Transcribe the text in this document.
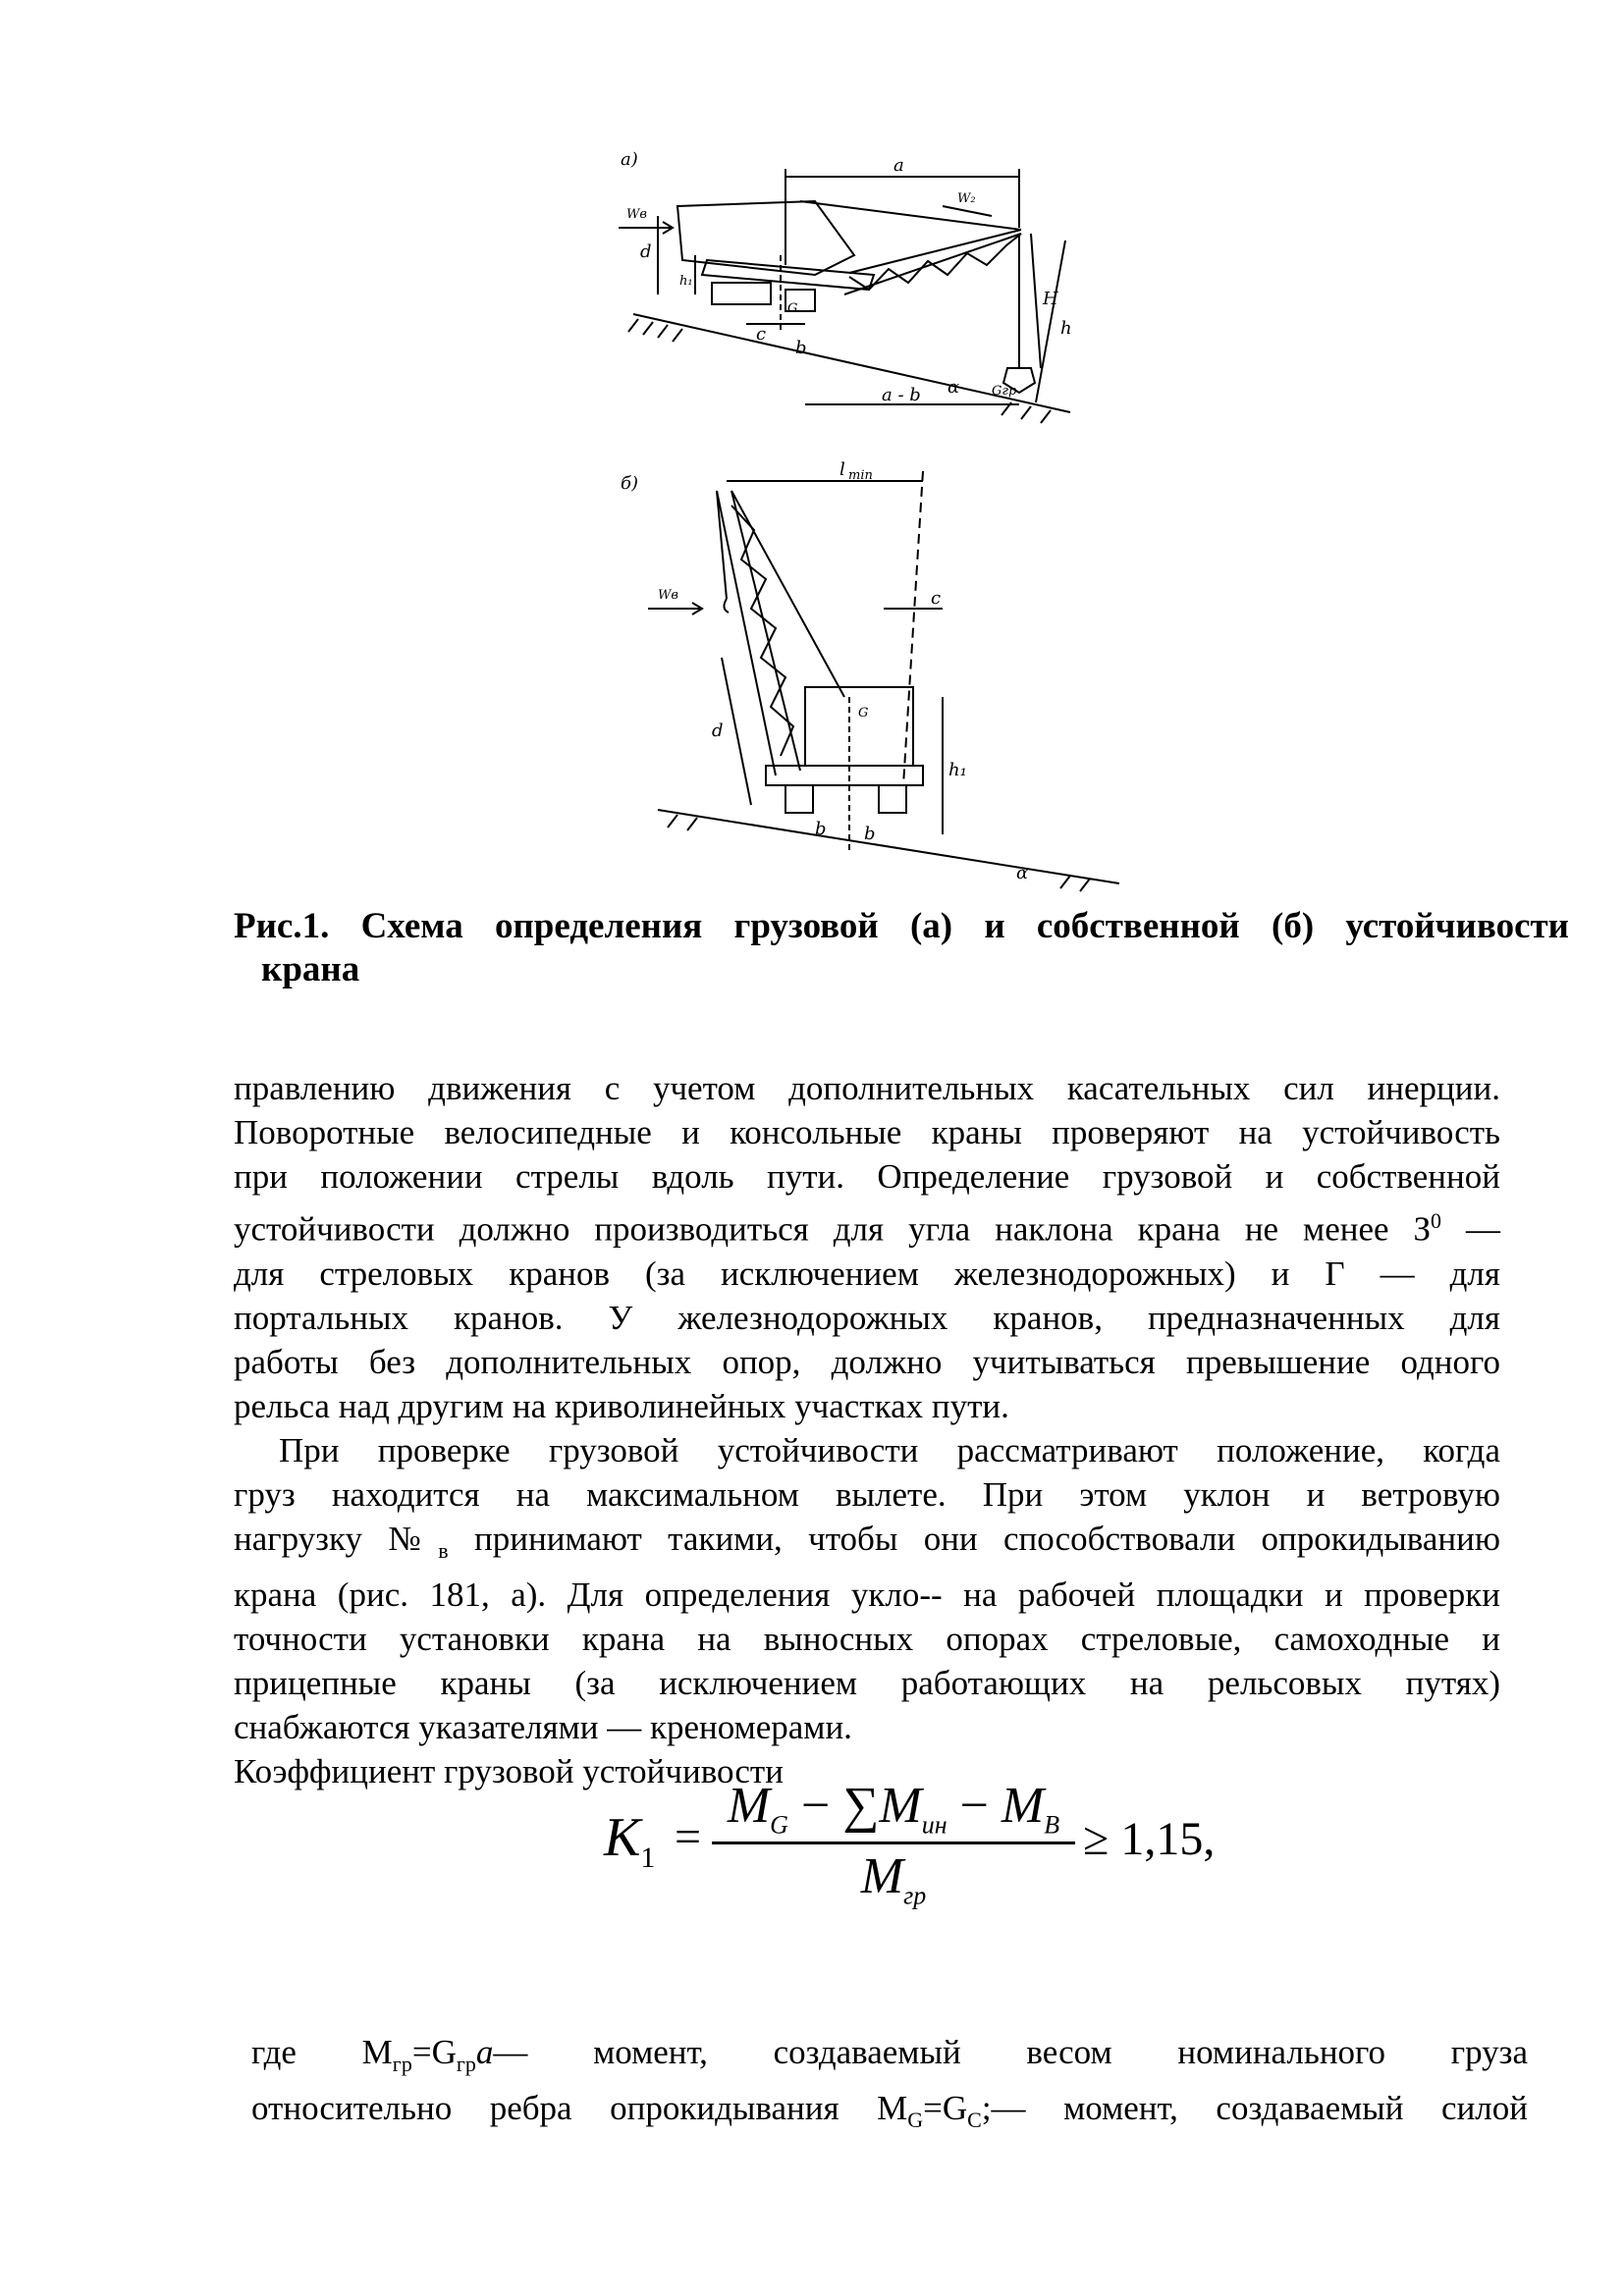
а)	a
W₂
Wв
d
h₁
H
h
G
c
b
a - b	Gгр
α
б)
l min
c
Wв
d
G
h₁
b b
α
Рис.1. Схема определения грузовой (а) и собственной (б) устойчивости
крана
правлению движения с учетом дополнительных касательных сил инерции.
Поворотные велосипедные и консольные краны проверяют на устойчивость
при положении стрелы вдоль пути. Определение грузовой и собственной
устойчивости должно производиться для угла наклона крана не менее $З^0$ —
для стреловых кранов (за исключением железнодорожных) и Г — для
портальных кранов. У железнодорожных кранов, предназначенных для
работы без дополнительных опор, должно учитываться превышение одного
рельса над другим на криволинейных участках пути.
При проверке грузовой устойчивости рассматривают положение, когда
груз находится на максимальном вылете. При этом уклон и ветровую
нагрузку $№_в$ принимают такими, чтобы они способствовали опрокидыванию
крана (рис. 181, а). Для определения укло-- на рабочей площадки и проверки
точности установки крана на выносных опорах стреловые, самоходные и
прицепные краны (за исключением работающих на рельсовых путях)
снабжаются указателями — креномерами.
Коэффициент грузовой устойчивости
$K_1$ =
$M_G - \sum M_{ин} - M_B$
$M_{гр}$
≥ 1,15,
где $М_{гр}=G_{гр}a—$ момент, создаваемый весом номинального груза
относительно ребра опрокидывания $М_G=G_C;—$ момент, создаваемый силой
